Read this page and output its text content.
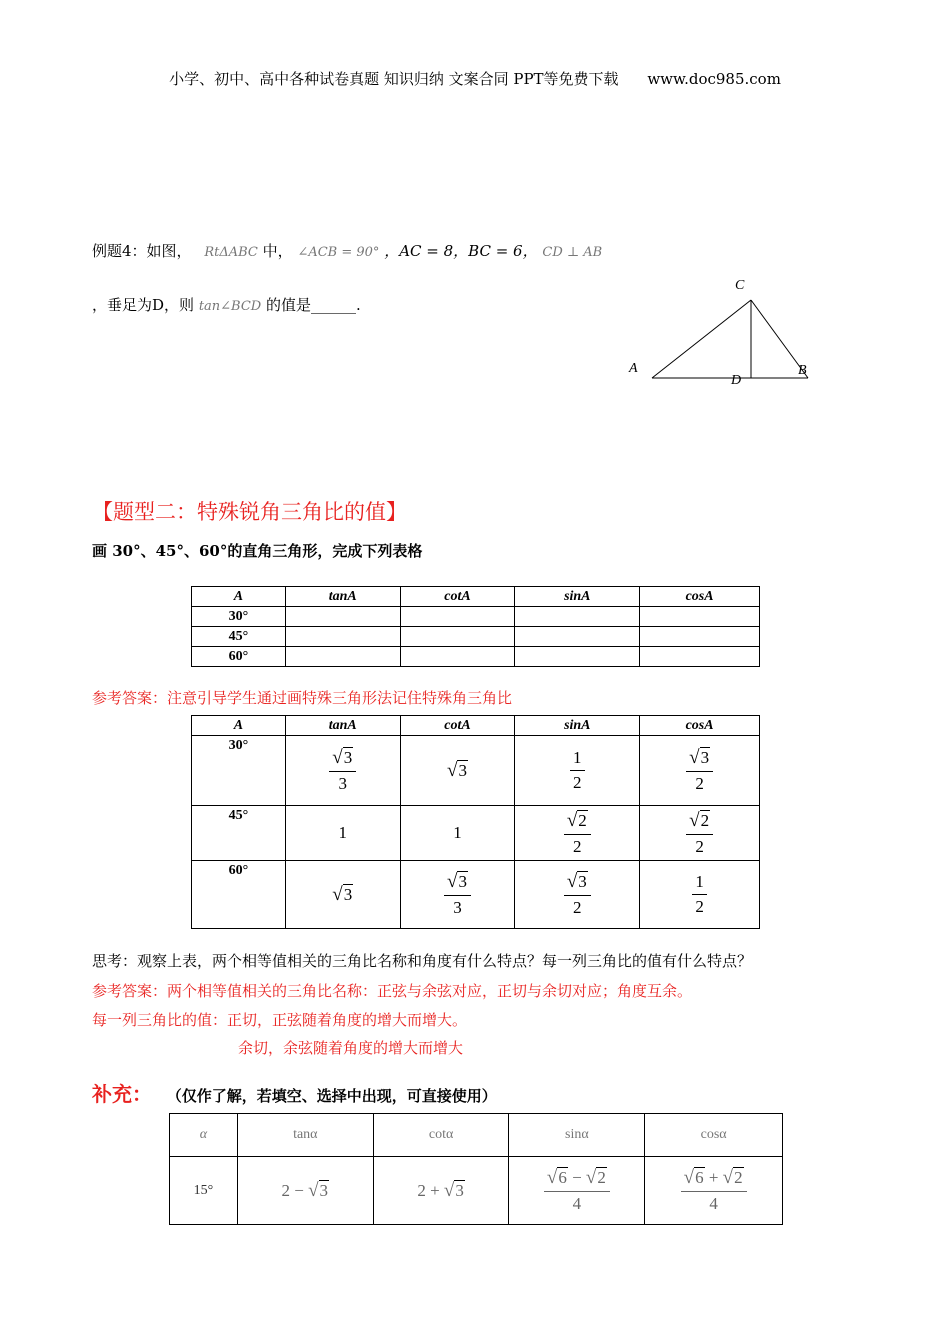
小学、初中、高中各种试卷真题 知识归纳 文案合同 PPT等免费下载 www.doc985.com
例题4：如图， RtΔABC 中， ∠ACB = 90° ，AC = 8，BC = 6， CD ⊥ AB
，垂足为D，则 tan∠BCD 的值是______.
C
A
D
B
【题型二：特殊锐角三角比的值】
画 30°、45°、60°的直角三角形，完成下列表格
A	tanA	cotA	sinA	cosA
30°				
45°				
60°				
参考答案：注意引导学生通过画特殊三角形法记住特殊角三角比
A	tanA	cotA	sinA	cosA
30°	$\frac{√3}{3}$	√3	$\frac{1}{2}$	$\frac{√3}{2}$

45°	1	1	$\frac{√2}{2}$	$\frac{√2}{2}$

60°	√3	$\frac{√3}{3}$	$\frac{√3}{2}$	$\frac{1}{2}$
思考：观察上表，两个相等值相关的三角比名称和角度有什么特点？每一列三角比的值有什么特点？
参考答案：两个相等值相关的三角比名称：正弦与余弦对应，正切与余切对应；角度互余。
每一列三角比的值：正切，正弦随着角度的增大而增大。
余切，余弦随着角度的增大而增大
补充： （仅作了解，若填空、选择中出现，可直接使用）
α	tanα	cotα	sinα	cosα
15°	2 − √3	2 + √3	$\frac{√6 - √2}{4}$	$\frac{√6 + √2}{4}$
